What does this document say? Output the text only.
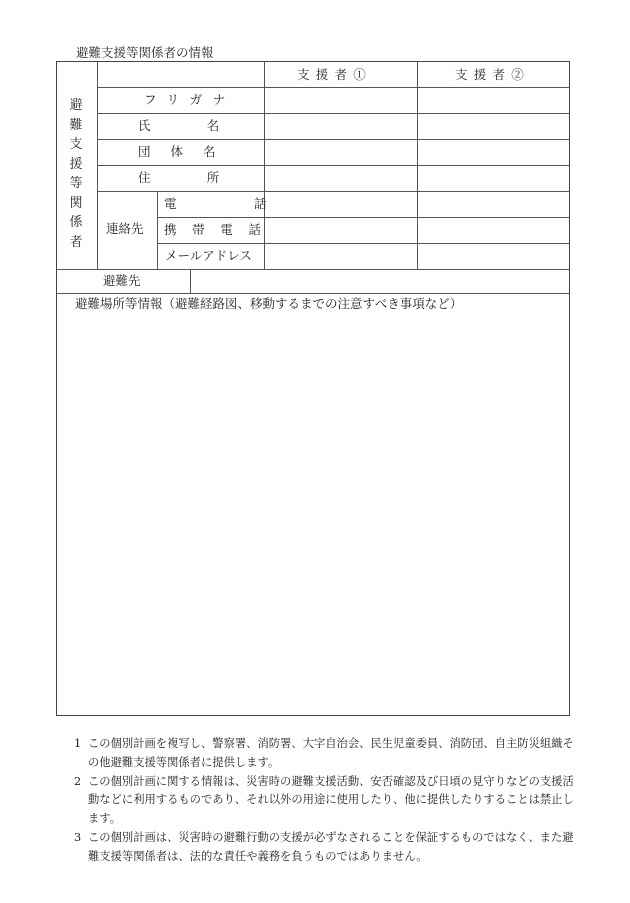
避難支援等関係者の情報
避難支援等関係者
支援者①	支援者②
フリガナ
氏名
団体名
住所
連絡先
電話
携帯電話
メールアドレス
避難先
避難場所等情報（避難経路図、移動するまでの注意すべき事項など）
1 この個別計画を複写し、警察署、消防署、大字自治会、民生児童委員、消防団、自主防災組織その他避難支援等関係者に提供します。
2 この個別計画に関する情報は、災害時の避難支援活動、安否確認及び日頃の見守りなどの支援活動などに利用するものであり、それ以外の用途に使用したり、他に提供したりすることは禁止します。
3 この個別計画は、災害時の避難行動の支援が必ずなされることを保証するものではなく、また避難支援等関係者は、法的な責任や義務を負うものではありません。
